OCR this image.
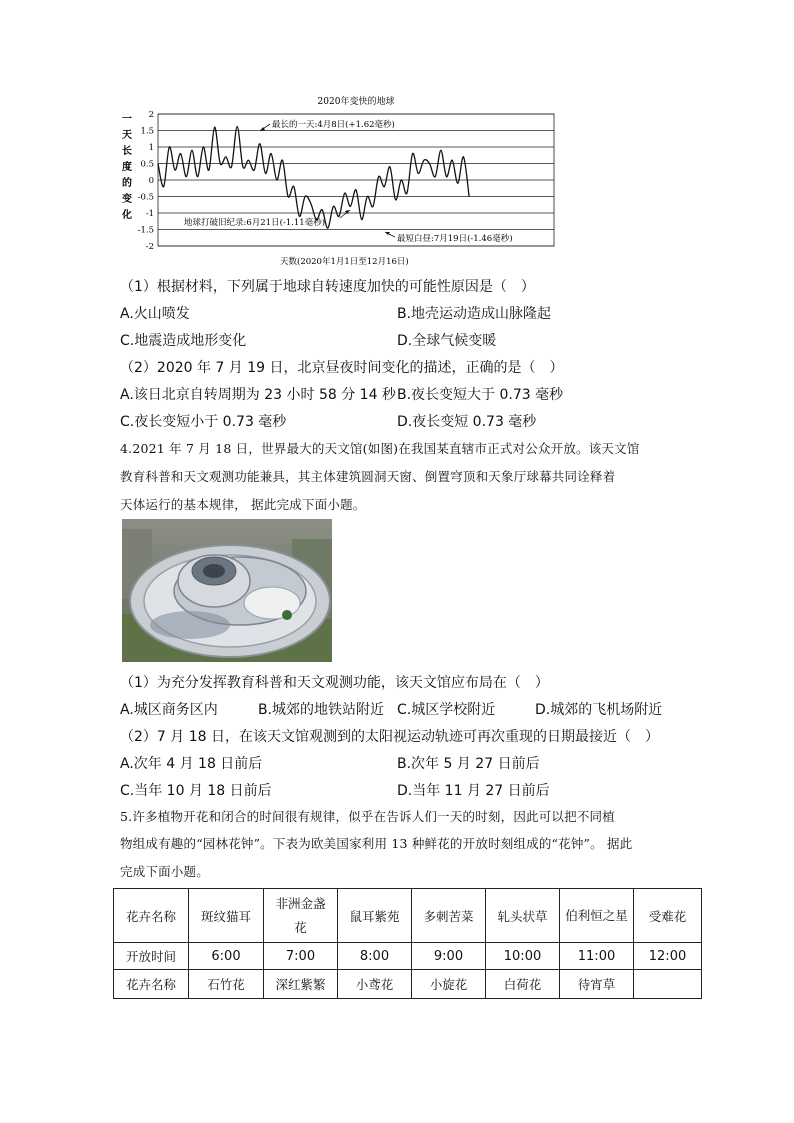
2020年变快的地球
一
天
长
度
的
变
化
2
1.5
1
0.5
0
-0.5
-1
-1.5
-2
最长的一天:4月8日(+1.62毫秒)
地球打破旧纪录:6月21日(-1.11毫秒)
最短白昼:7月19日(-1.46毫秒)
天数(2020年1月1日至12月16日)
（1）根据材料，下列属于地球自转速度加快的可能性原因是（　）
A.火山喷发	B.地壳运动造成山脉隆起
C.地震造成地形变化	D.全球气候变暖
（2）2020 年 7 月 19 日，北京昼夜时间变化的描述，正确的是（　）
A.该日北京自转周期为 23 小时 58 分 14 秒 B.夜长变短大于 0.73 毫秒
C.夜长变短小于 0.73 毫秒	D.夜长变短 0.73 毫秒
4.2021 年 7 月 18 日，世界最大的天文馆(如图)在我国某直辖市正式对公众开放。该天文馆
教育科普和天文观测功能兼具，其主体建筑圆洞天窗、倒置穹顶和天象厅球幕共同诠释着
天体运行的基本规律， 据此完成下面小题。
（1）为充分发挥教育科普和天文观测功能，该天文馆应布局在（　）
A.城区商务区内	B.城郊的地铁站附近 C.城区学校附近	D.城郊的飞机场附近
（2）7 月 18 日，在该天文馆观测到的太阳视运动轨迹可再次重现的日期最接近（　）
A.次年 4 月 18 日前后	B.次年 5 月 27 日前后
C.当年 10 月 18 日前后	D.当年 11 月 27 日前后
5.许多植物开花和闭合的时间很有规律，似乎在告诉人们一天的时刻，因此可以把不同植
物组成有趣的“园林花钟”。下表为欧美国家利用 13 种鲜花的开放时刻组成的“花钟”。 据此
完成下面小题。
花卉名称	斑纹猫耳	非洲金盏花	鼠耳紫苑	多刺苦菜	轧头状草	伯利恒之星	受难花
开放时间	6:00	7:00	8:00	9:00	10:00	11:00	12:00
花卉名称	石竹花	深红紫繁	小鸢花	小旋花	白荷花	待宵草	
